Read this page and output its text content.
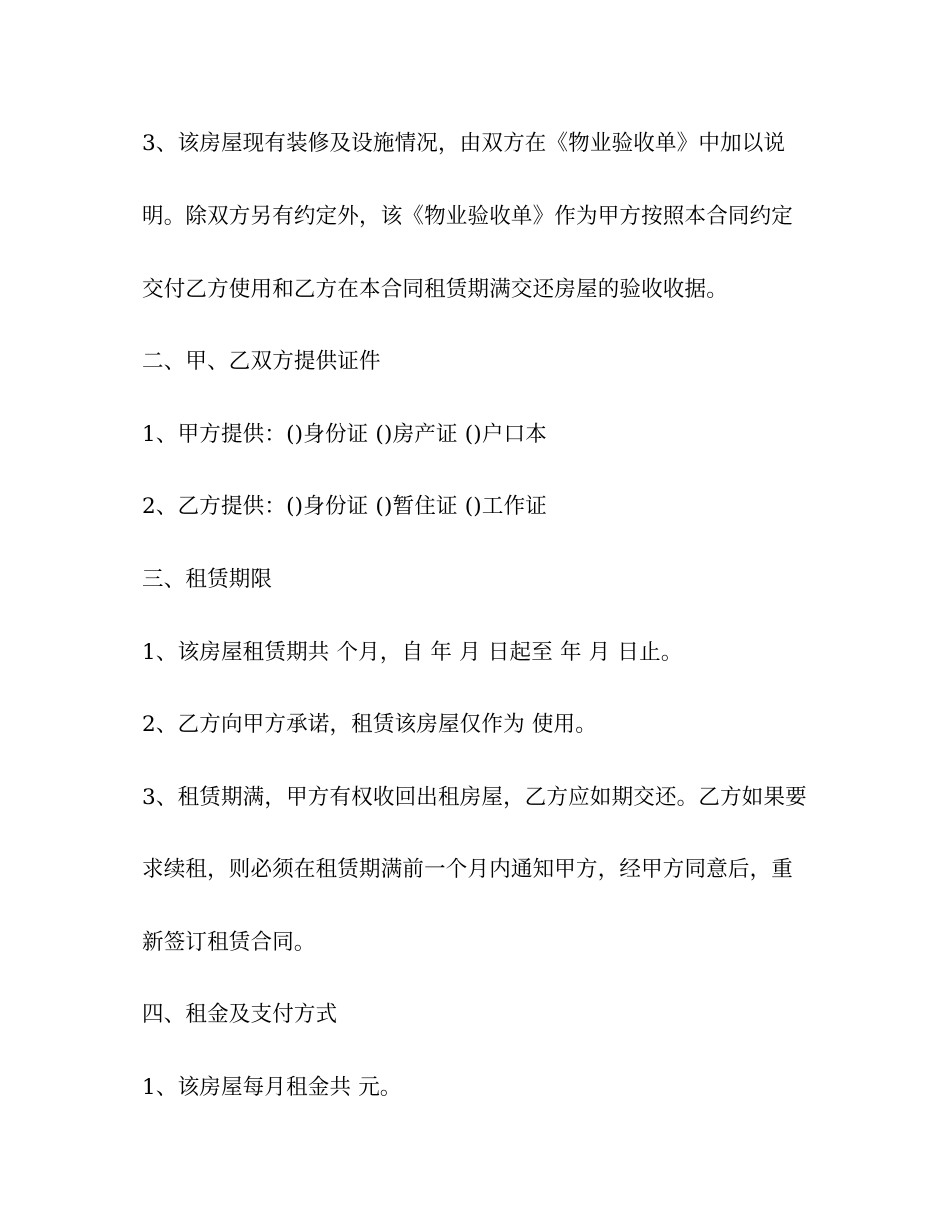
3、该房屋现有装修及设施情况，由双方在《物业验收单》中加以说
明。除双方另有约定外，该《物业验收单》作为甲方按照本合同约定
交付乙方使用和乙方在本合同租赁期满交还房屋的验收收据。
二、甲、乙双方提供证件
1、甲方提供：()身份证 ()房产证 ()户口本
2、乙方提供：()身份证 ()暂住证 ()工作证
三、租赁期限
1、该房屋租赁期共 个月，自 年 月 日起至 年 月 日止。
2、乙方向甲方承诺，租赁该房屋仅作为 使用。
3、租赁期满，甲方有权收回出租房屋，乙方应如期交还。乙方如果要
求续租，则必须在租赁期满前一个月内通知甲方，经甲方同意后，重
新签订租赁合同。
四、租金及支付方式
1、该房屋每月租金共 元。
